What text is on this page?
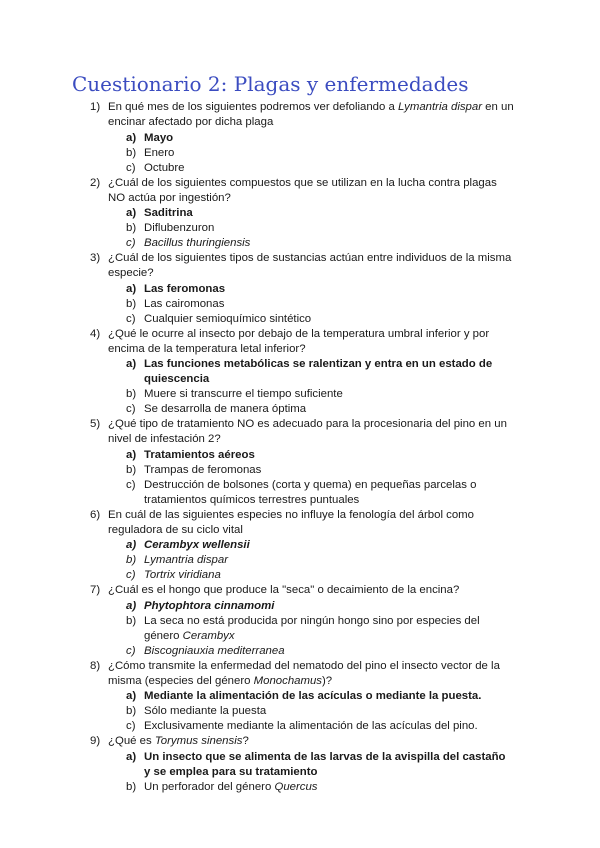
Cuestionario 2: Plagas y enfermedades
1) En qué mes de los siguientes podremos ver defoliando a Lymantria dispar en un encinar afectado por dicha plaga
a) Mayo
b) Enero
c) Octubre
2) ¿Cuál de los siguientes compuestos que se utilizan en la lucha contra plagas NO actúa por ingestión?
a) Saditrina
b) Diflubenzuron
c) Bacillus thuringiensis
3) ¿Cuál de los siguientes tipos de sustancias actúan entre individuos de la misma especie?
a) Las feromonas
b) Las cairomonas
c) Cualquier semioquímico sintético
4) ¿Qué le ocurre al insecto por debajo de la temperatura umbral inferior y por encima de la temperatura letal inferior?
a) Las funciones metabólicas se ralentizan y entra en un estado de quiescencia
b) Muere si transcurre el tiempo suficiente
c) Se desarrolla de manera óptima
5) ¿Qué tipo de tratamiento NO es adecuado para la procesionaria del pino en un nivel de infestación 2?
a) Tratamientos aéreos
b) Trampas de feromonas
c) Destrucción de bolsones (corta y quema) en pequeñas parcelas o tratamientos químicos terrestres puntuales
6) En cuál de las siguientes especies no influye la fenología del árbol como reguladora de su ciclo vital
a) Cerambyx wellensii
b) Lymantria dispar
c) Tortrix viridiana
7) ¿Cuál es el hongo que produce la "seca" o decaimiento de la encina?
a) Phytophtora cinnamomi
b) La seca no está producida por ningún hongo sino por especies del género Cerambyx
c) Biscogniauxia mediterranea
8) ¿Cómo transmite la enfermedad del nematodo del pino el insecto vector de la misma (especies del género Monochamus)?
a) Mediante la alimentación de las acículas o mediante la puesta.
b) Sólo mediante la puesta
c) Exclusivamente mediante la alimentación de las acículas del pino.
9) ¿Qué es Torymus sinensis?
a) Un insecto que se alimenta de las larvas de la avispilla del castaño y se emplea para su tratamiento
b) Un perforador del género Quercus
